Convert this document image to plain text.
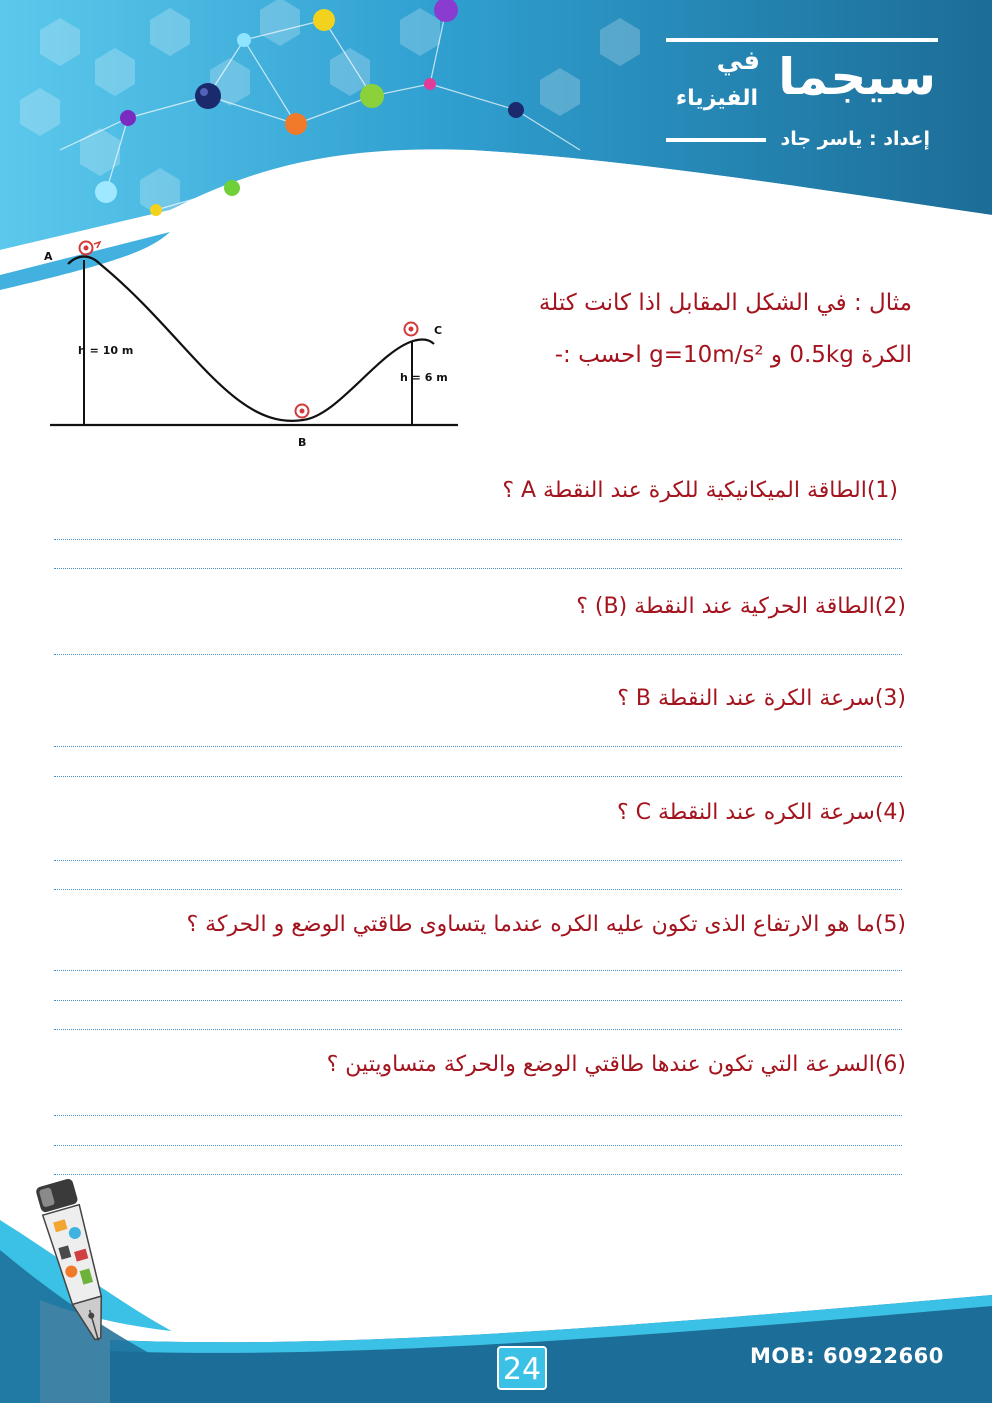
في
الفيزياء سيجما
إعداد : ياسر جاد
A
B
C
h = 10 m
h = 6 m
مثال : في الشكل المقابل اذا كانت كتلة
الكرة 0.5kg و g=10m/s² احسب :-
(1)الطاقة الميكانيكية للكرة عند النقطة A ؟
(2)الطاقة الحركية عند النقطة (B) ؟
(3)سرعة الكرة عند النقطة B ؟
(4)سرعة الكره عند النقطة C ؟
(5)ما هو الارتفاع الذى تكون عليه الكره عندما يتساوى طاقتي الوضع و الحركة ؟
(6)السرعة التي تكون عندها طاقتي الوضع والحركة متساويتين ؟
24	MOB: 60922660
